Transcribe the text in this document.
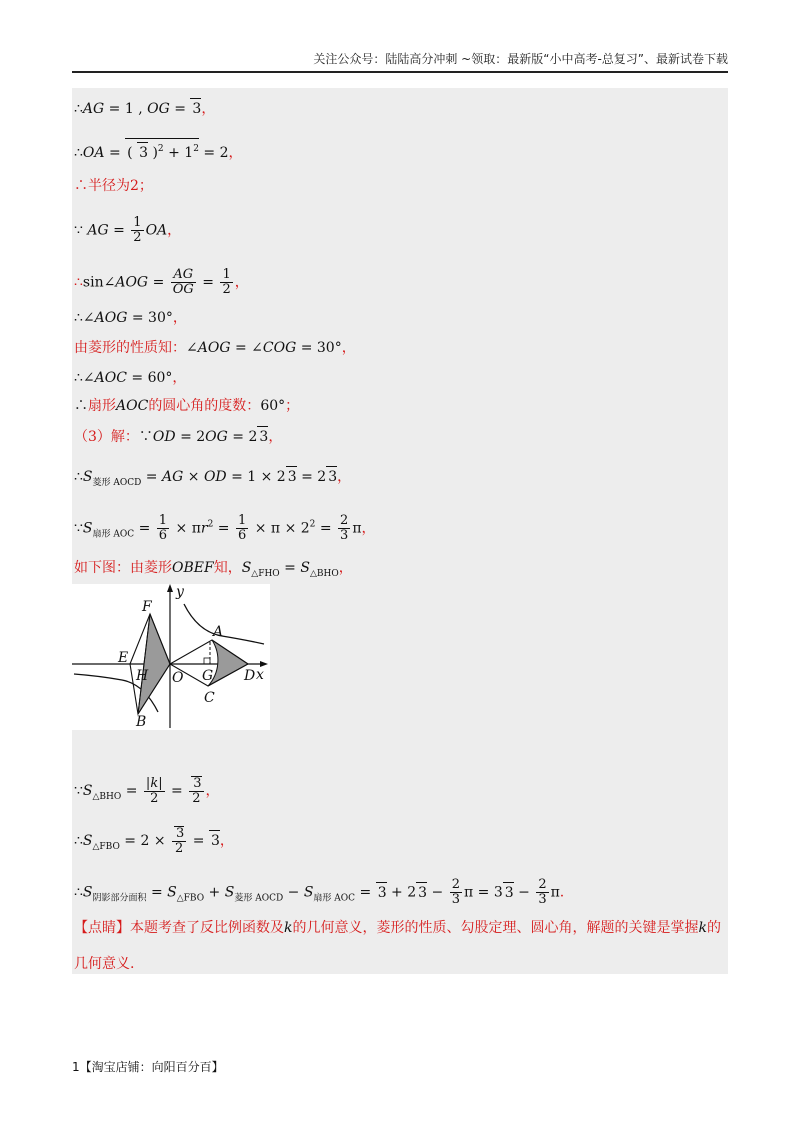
关注公众号：陆陆高分冲刺 ~领取：最新版“小中高考-总复习”、最新试卷下载
∴AG = 1 , OG = 3，
∴OA = ( 3 )$^2 + 1^2 = 2$，
∴半径为2；
∵ AG = $\frac{1}{2}$ OA，
∴sin∠AOG = $\frac{AG}{OG} = \frac{1}{2}$ ，
∴∠AOG = 30°，
由菱形的性质知：∠AOG = ∠COG = 30°，
∴∠AOC = 60°，
∴扇形AOC的圆心角的度数：60°；
（3）解：∵OD = 2OG = 2 3，
$\therefore S_{菱形 AOCD}$ = AG × OD = 1 × 2 3 = 2 3，
$\because S_{扇形 AOC} = \frac{1}{6} \times \pi r^2 = \frac{1}{6} \times \pi \times 2^2 = \frac{2}{3}$ π，
如下图：由菱形OBEF知，$S_{\triangle FHO} = S_{\triangle BHO}$，
F
E
H O
B
A
G
C
D x
y
$\because S_{\triangle BHO} = \frac{|k|}{2} = \frac{3}{2}$ ，
$\therefore S_{\triangle FBO} = 2 \times \frac{3}{2} = 3$，
$\therefore S_{阴影部分面积} = S_{\triangle FBO} + S_{菱形 AOCD} - S_{扇形 AOC} = 3 + 2$ $3 - \frac{2}{3}$ π = 3 $3 - \frac{2}{3} \pi$.
【点睛】本题考查了反比例函数及k的几何意义，菱形的性质、勾股定理、圆心角，解题的关键是掌握k的
几何意义.
1【淘宝店铺：向阳百分百】
